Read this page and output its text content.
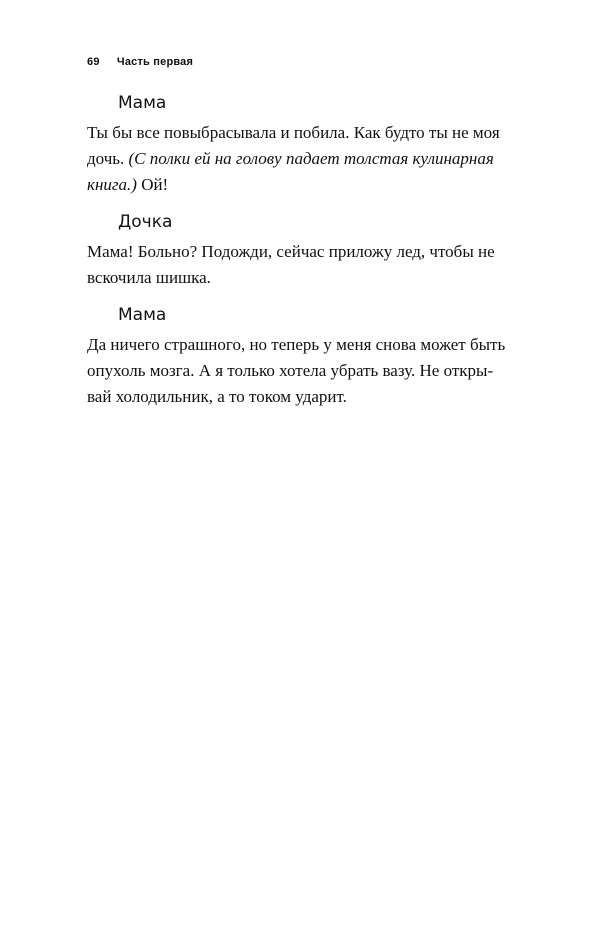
69 Часть первая
Мама
Ты бы все повыбрасывала и побила. Как будто ты не моя
дочь. (С полки ей на голову падает толстая кулинарная
книга.) Ой!
Дочка
Мама! Больно? Подожди, сейчас приложу лед, чтобы не
вскочила шишка.
Мама
Да ничего страшного, но теперь у меня снова может быть
опухоль мозга. А я только хотела убрать вазу. Не откры-
вай холодильник, а то током ударит.
